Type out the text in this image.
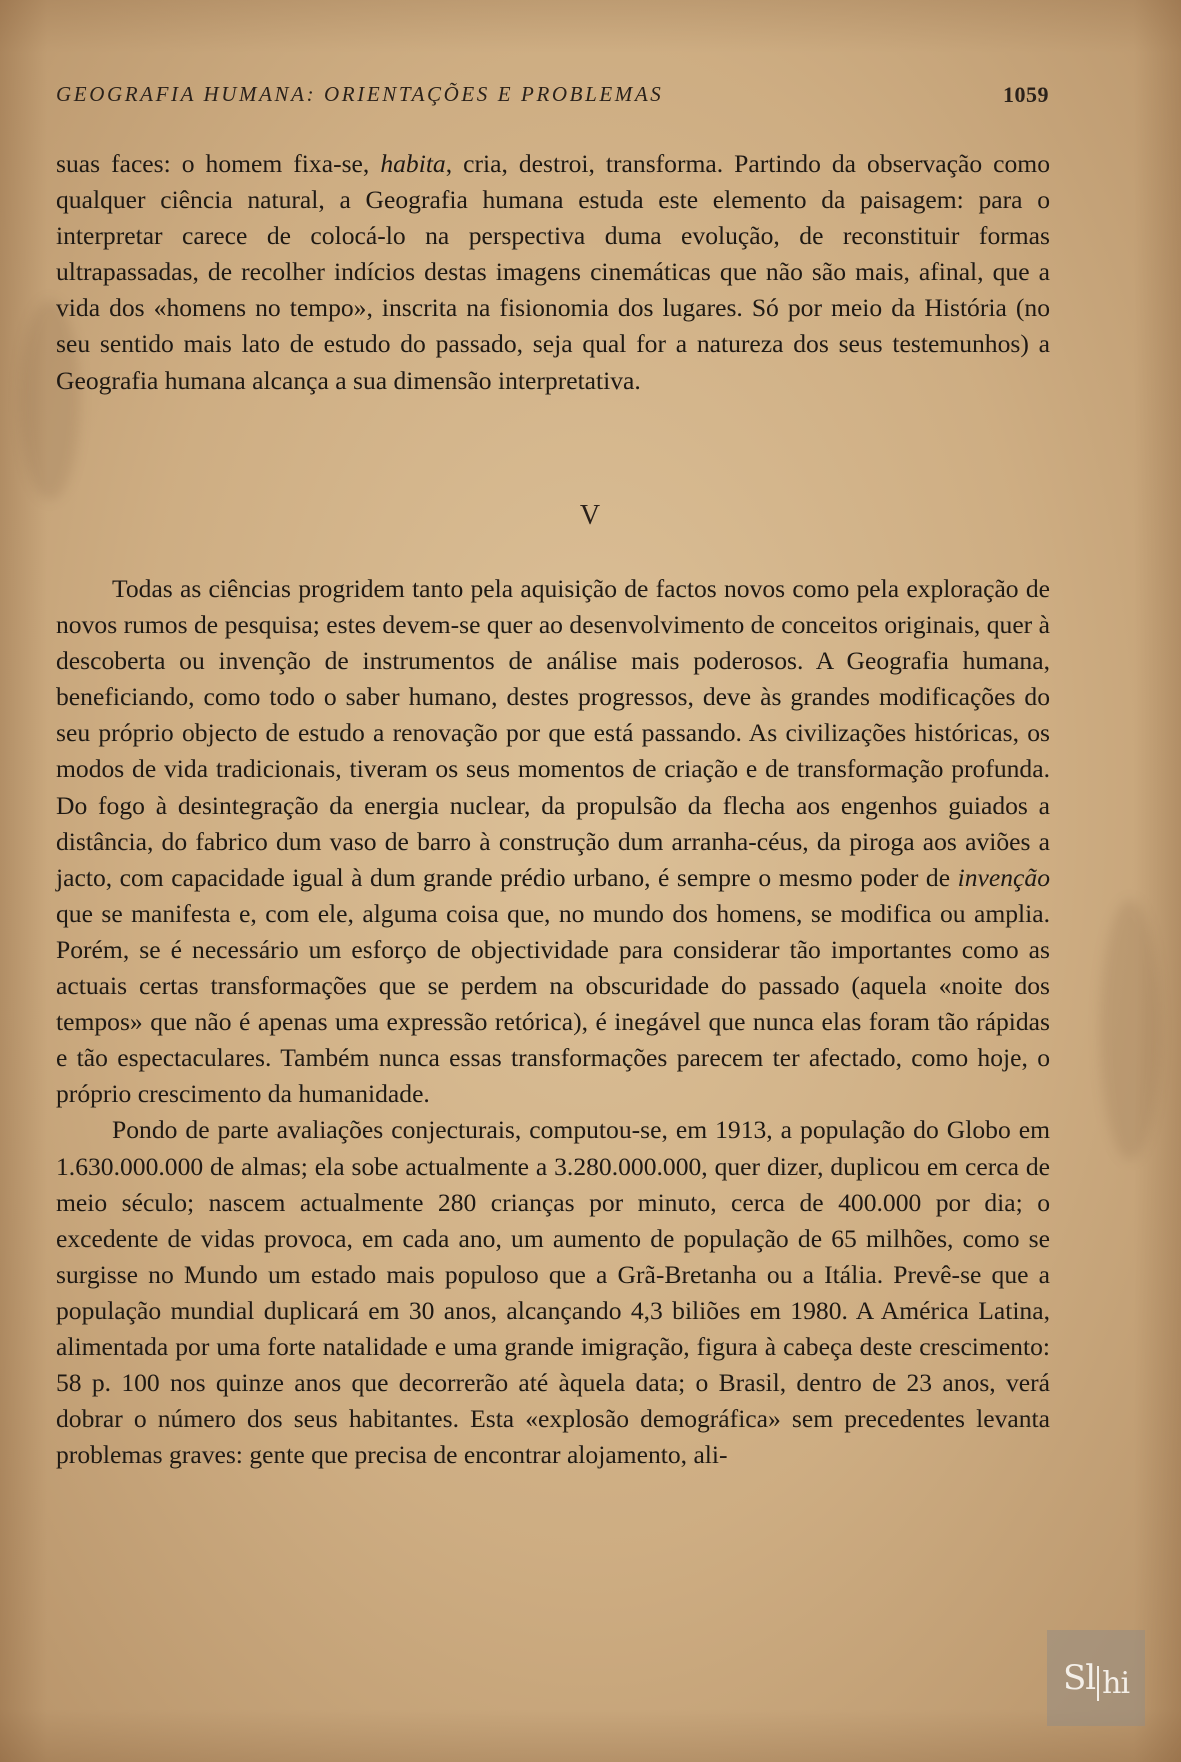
GEOGRAFIA HUMANA: ORIENTAÇÕES E PROBLEMAS	1059

suas faces: o homem fixa-se, habita, cria, destroi, transforma. Partindo da observação como qualquer ciência natural, a Geografia humana estuda este elemento da paisagem: para o interpretar carece de colocá-lo na perspectiva duma evolução, de reconstituir formas ultrapassadas, de recolher indícios destas imagens cinemáticas que não são mais, afinal, que a vida dos «homens no tempo», inscrita na fisionomia dos lugares. Só por meio da História (no seu sentido mais lato de estudo do passado, seja qual for a natureza dos seus testemunhos) a Geografia humana alcança a sua dimensão interpretativa.

V

Todas as ciências progridem tanto pela aquisição de factos novos como pela exploração de novos rumos de pesquisa; estes devem-se quer ao desenvolvimento de conceitos originais, quer à descoberta ou invenção de instrumentos de análise mais poderosos. A Geografia humana, beneficiando, como todo o saber humano, destes progressos, deve às grandes modificações do seu próprio objecto de estudo a renovação por que está passando. As civilizações históricas, os modos de vida tradicionais, tiveram os seus momentos de criação e de transformação profunda. Do fogo à desintegração da energia nuclear, da propulsão da flecha aos engenhos guiados a distância, do fabrico dum vaso de barro à construção dum arranha-céus, da piroga aos aviões a jacto, com capacidade igual à dum grande prédio urbano, é sempre o mesmo poder de invenção que se manifesta e, com ele, alguma coisa que, no mundo dos homens, se modifica ou amplia. Porém, se é necessário um esforço de objectividade para considerar tão importantes como as actuais certas transformações que se perdem na obscuridade do passado (aquela «noite dos tempos» que não é apenas uma expressão retórica), é inegável que nunca elas foram tão rápidas e tão espectaculares. Também nunca essas transformações parecem ter afectado, como hoje, o próprio crescimento da humanidade.

Pondo de parte avaliações conjecturais, computou-se, em 1913, a população do Globo em 1.630.000.000 de almas; ela sobe actualmente a 3.280.000.000, quer dizer, duplicou em cerca de meio século; nascem actualmente 280 crianças por minuto, cerca de 400.000 por dia; o excedente de vidas provoca, em cada ano, um aumento de população de 65 milhões, como se surgisse no Mundo um estado mais populoso que a Grã-Bretanha ou a Itália. Prevê-se que a população mundial duplicará em 30 anos, alcançando 4,3 biliões em 1980. A América Latina, alimentada por uma forte natalidade e uma grande imigração, figura à cabeça deste crescimento: 58 p. 100 nos quinze anos que decorrerão até àquela data; o Brasil, dentro de 23 anos, verá dobrar o número dos seus habitantes. Esta «explosão demográfica» sem precedentes levanta problemas graves: gente que precisa de encontrar alojamento, ali-

Sl hi
